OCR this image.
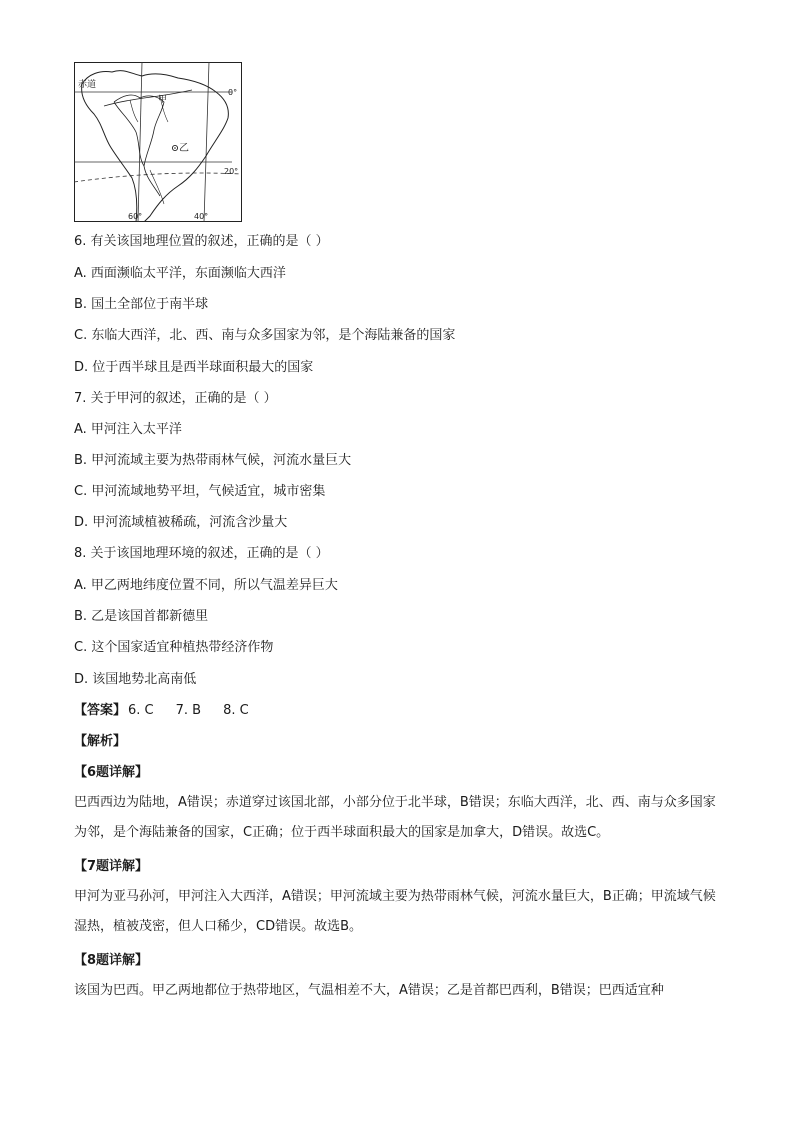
赤道
0°
甲
乙
20°
60°	40°
6. 有关该国地理位置的叙述，正确的是（ ）
A. 西面濒临太平洋，东面濒临大西洋
B. 国土全部位于南半球
C. 东临大西洋，北、西、南与众多国家为邻，是个海陆兼备的国家
D. 位于西半球且是西半球面积最大的国家
7. 关于甲河的叙述，正确的是（ ）
A. 甲河注入太平洋
B. 甲河流域主要为热带雨林气候，河流水量巨大
C. 甲河流域地势平坦，气候适宜，城市密集
D. 甲河流域植被稀疏，河流含沙量大
8. 关于该国地理环境的叙述，正确的是（ ）
A. 甲乙两地纬度位置不同，所以气温差异巨大
B. 乙是该国首都新德里
C. 这个国家适宜种植热带经济作物
D. 该国地势北高南低
【答案】 6. C 7. B 8. C
【解析】
【6题详解】
巴西西边为陆地，A错误；赤道穿过该国北部，小部分位于北半球，B错误；东临大西洋，北、西、南与众多国家为邻，是个海陆兼备的国家，C正确；位于西半球面积最大的国家是加拿大，D错误。故选C。
【7题详解】
甲河为亚马孙河，甲河注入大西洋，A错误；甲河流域主要为热带雨林气候，河流水量巨大，B正确；甲流域气候湿热，植被茂密，但人口稀少，CD错误。故选B。
【8题详解】
该国为巴西。甲乙两地都位于热带地区，气温相差不大，A错误；乙是首都巴西利，B错误；巴西适宜种
